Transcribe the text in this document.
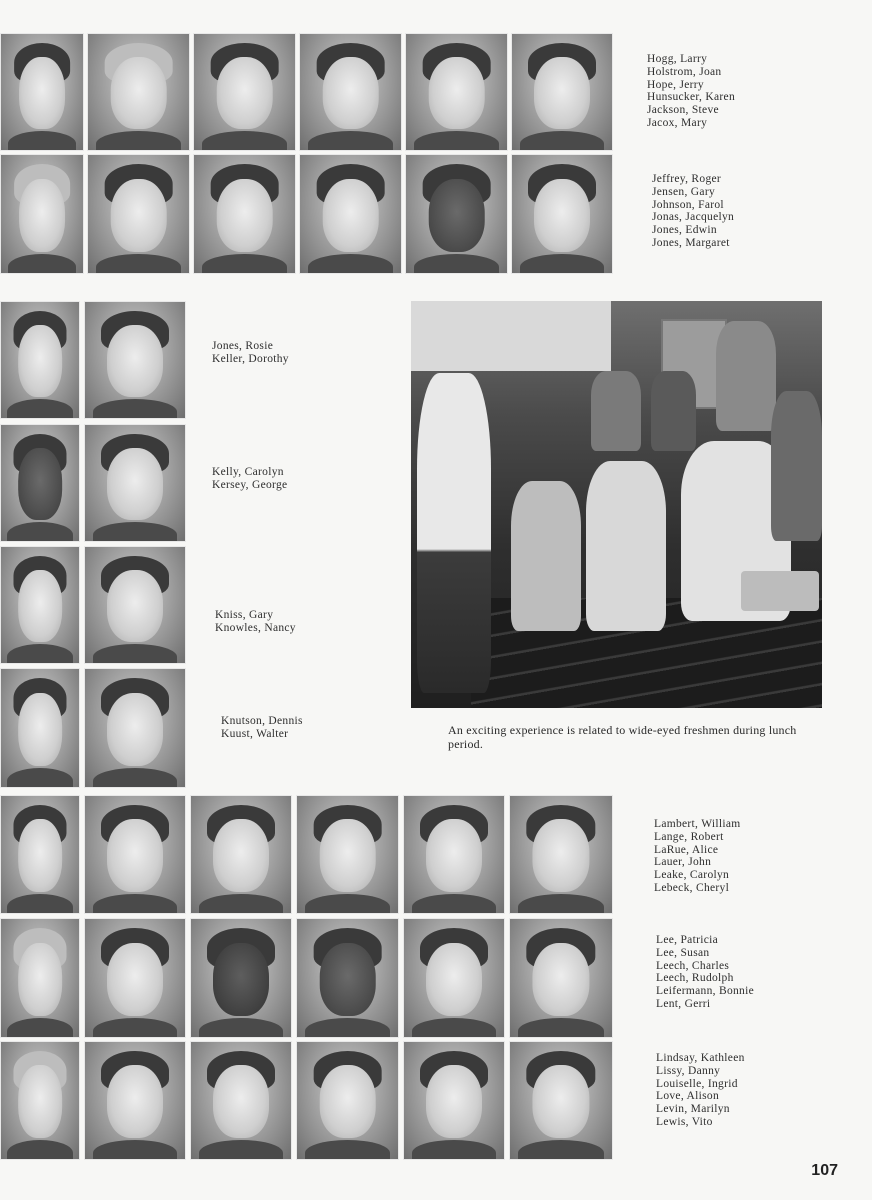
Hogg, Larry
Holstrom, Joan
Hope, Jerry
Hunsucker, Karen
Jackson, Steve
Jacox, Mary
Jeffrey, Roger
Jensen, Gary
Johnson, Farol
Jonas, Jacquelyn
Jones, Edwin
Jones, Margaret
Jones, Rosie
Keller, Dorothy
Kelly, Carolyn
Kersey, George
Kniss, Gary
Knowles, Nancy
Knutson, Dennis
Kuust, Walter	An exciting experience is related to wide-eyed freshmen during lunch period.
Lambert, William
Lange, Robert
LaRue, Alice
Lauer, John
Leake, Carolyn
Lebeck, Cheryl
Lee, Patricia
Lee, Susan
Leech, Charles
Leech, Rudolph
Leifermann, Bonnie
Lent, Gerri
Lindsay, Kathleen
Lissy, Danny
Louiselle, Ingrid
Love, Alison
Levin, Marilyn
Lewis, Vito
107
